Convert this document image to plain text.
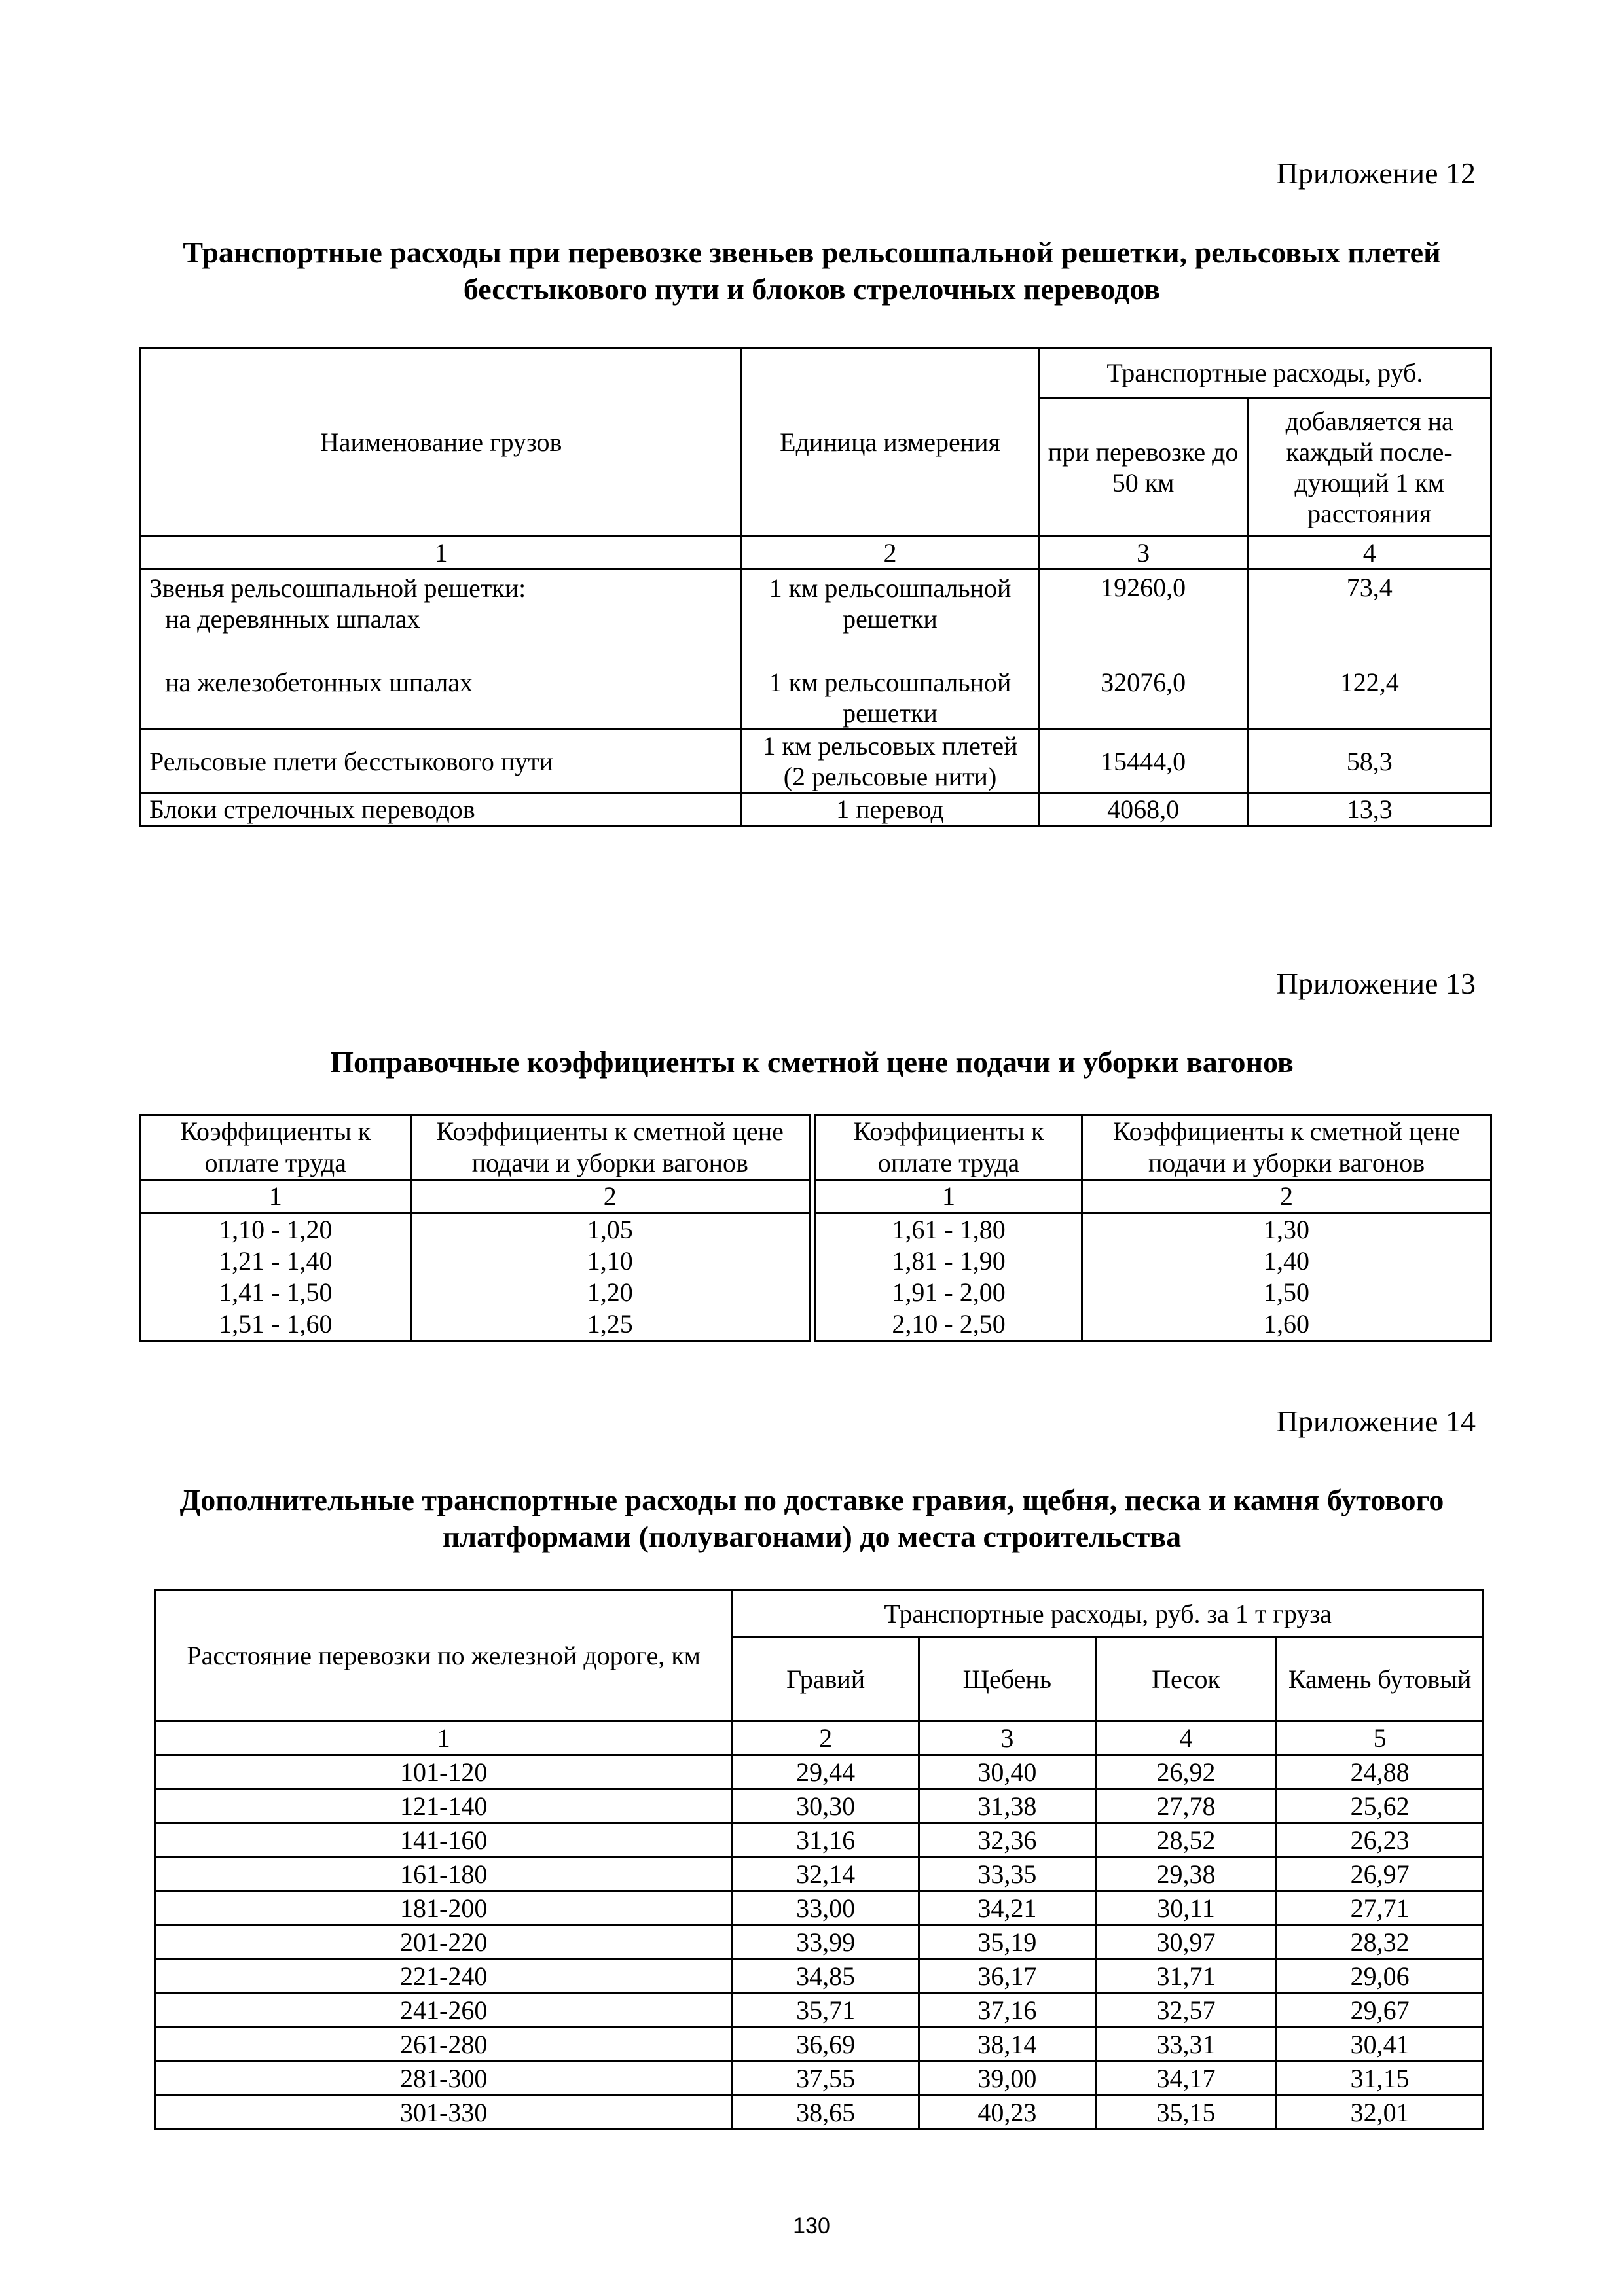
Приложение 12
Транспортные расходы при перевозке звеньев рельсошпальной решетки, рельсовых плетей бесстыкового пути и блоков стрелочных переводов
Наименование грузов	Единица измерения	Транспортные расходы, руб.	
		при перевозке до 50 км	добавляется на каждый после-дующий 1 км расстояния
1	2	3	4

Звенья рельсошпальной решетки:
на деревянных шпалах	1 км рельсошпальной решетки	19260,0	73,4

на железобетонных шпалах	1 км рельсошпальной решетки	32076,0	122,4
Рельсовые плети бесстыкового пути	1 км рельсовых плетей (2 рельсовые нити)	15444,0	58,3
Блоки стрелочных переводов	1 перевод	4068,0	13,3
Приложение 13
Поправочные коэффициенты к сметной цене подачи и уборки вагонов
Коэффициенты к оплате труда	Коэффициенты к сметной цене подачи и уборки вагонов	Коэффициенты к оплате труда	Коэффициенты к сметной цене подачи и уборки вагонов
1	2	1	2
1,10 - 1,20	1,05	1,61 - 1,80	1,30
1,21 - 1,40	1,10	1,81 - 1,90	1,40
1,41 - 1,50	1,20	1,91 - 2,00	1,50
1,51 - 1,60	1,25	2,10 - 2,50	1,60
Приложение 14
Дополнительные транспортные расходы по доставке гравия, щебня, песка и камня бутового платформами (полувагонами) до места строительства
Расстояние перевозки по железной дороге, км	Транспортные расходы, руб. за 1 т груза			
	Гравий	Щебень	Песок	Камень бутовый
1	2	3	4	5
101-120	29,44	30,40	26,92	24,88
121-140	30,30	31,38	27,78	25,62
141-160	31,16	32,36	28,52	26,23
161-180	32,14	33,35	29,38	26,97
181-200	33,00	34,21	30,11	27,71
201-220	33,99	35,19	30,97	28,32
221-240	34,85	36,17	31,71	29,06
241-260	35,71	37,16	32,57	29,67
261-280	36,69	38,14	33,31	30,41
281-300	37,55	39,00	34,17	31,15
301-330	38,65	40,23	35,15	32,01
130
